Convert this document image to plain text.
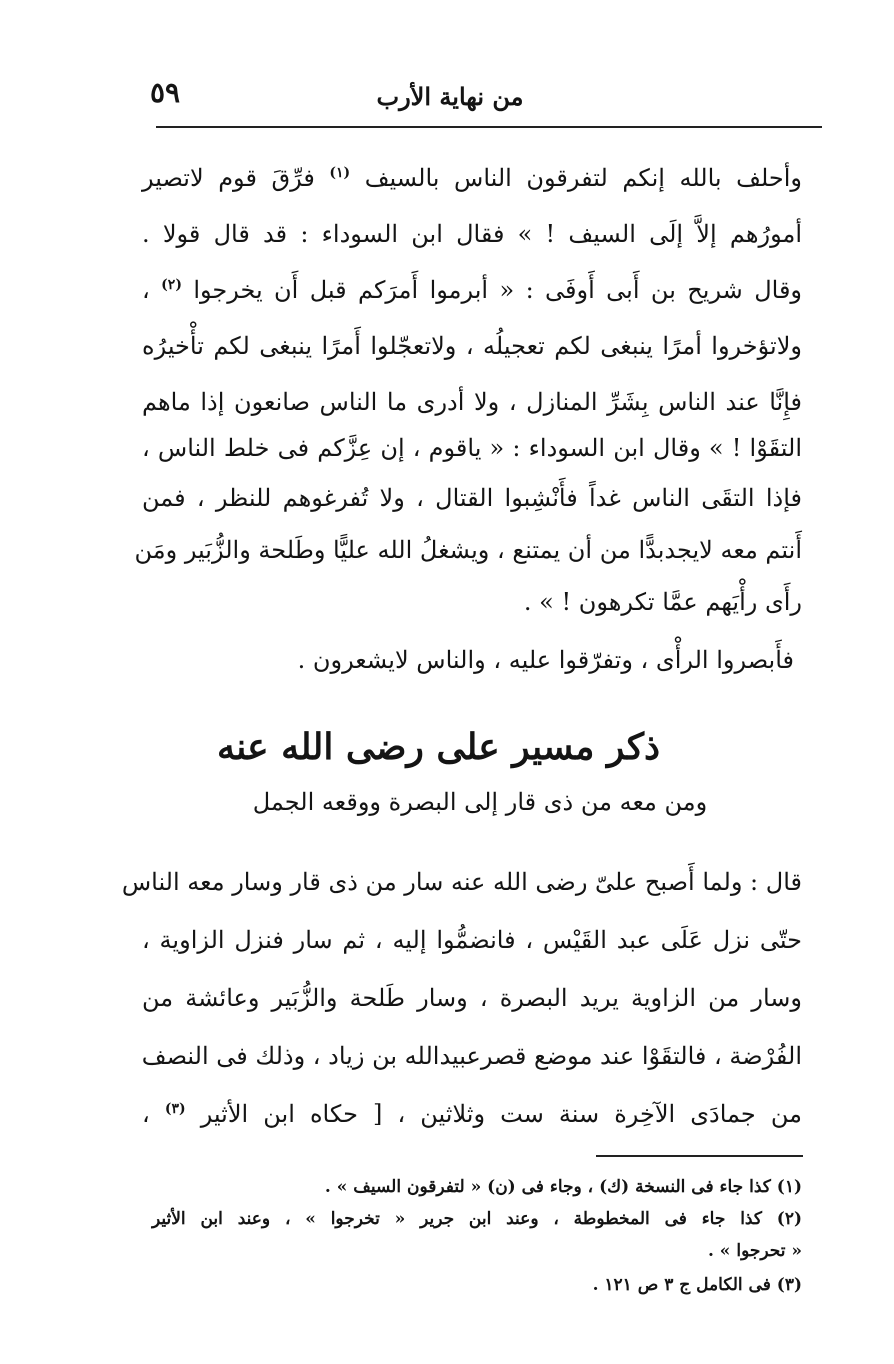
٥٩	من نهاية الأرب
وأحلف بالله إنكم لتفرقون الناس بالسيف $^{(١)}$ فرِّقَ قوم لاتصير
أمورُهم إلاَّ إلَى السيف ! » فقال ابن السوداء : قد قال قولا .
وقال شريح بن أَبى أَوفَى : « أبرموا أَمرَكم قبل أَن يخرجوا $^{(٢)}$ ،
ولاتؤخروا أمرًا ينبغى لكم تعجيلُه ، ولاتعجّلوا أَمرًا ينبغى لكم تأْخيرُه
فإِنَّا عند الناس بِشَرِّ المنازل ، ولا أدرى ما الناس صانعون إذا ماهم
التقَوْا ! » وقال ابن السوداء : « ياقوم ، إن عِزَّكم فى خلط الناس ،
فإذا التقَى الناس غداً فأَنْشِبوا القتال ، ولا تُفرغوهم للنظر ، فمن
أَنتم معه لايجدبدًّا من أن يمتنع ، ويشغلُ الله عليًّا وطَلحة والزُّبَير ومَن
رأَى رأْيَهم عمَّا تكرهون ! » .
فأَبصروا الرأْى ، وتفرّقوا عليه ، والناس لايشعرون .
ذكر مسير على رضى الله عنه
ومن معه من ذى قار إلى البصرة ووقعه الجمل
قال : ولما أَصبح علىّ رضى الله عنه سار من ذى قار وسار معه الناس
حتّى نزل عَلَى عبد القَيْس ، فانضمُّوا إليه ، ثم سار فنزل الزاوية ،
وسار من الزاوية يريد البصرة ، وسار طَلحة والزُّبَير وعائشة من
الفُرْضة ، فالتقَوْا عند موضع قصرعبيدالله بن زياد ، وذلك فى النصف
من جمادَى الآخِرة سنة ست وثلاثين ، [ حكاه ابن الأثير $^{(٣)}$ ،
(١) كذا جاء فى النسخة (ك) ، وجاء فى (ن) « لتفرقون السيف » .
(٢) كذا جاء فى المخطوطة ، وعند ابن جرير « تخرجوا » ، وعند ابن الأثير
« تحرجوا » .
(٣) فى الكامل ج ٣ ص ١٢١ .
